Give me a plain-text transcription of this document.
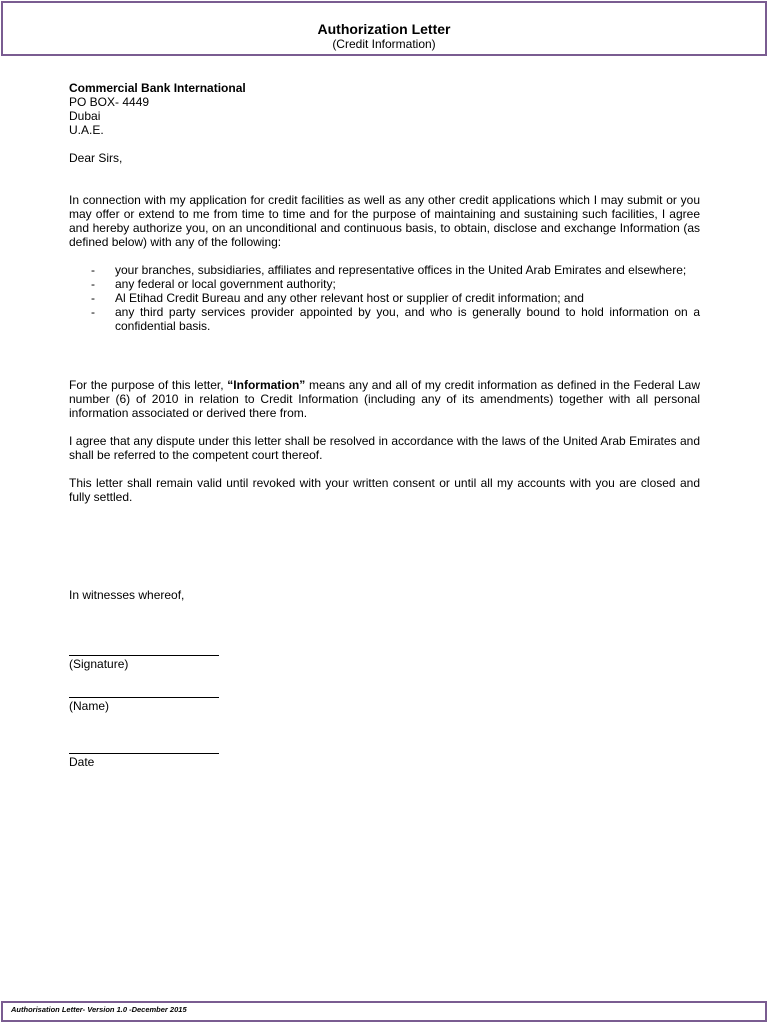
Authorization Letter
(Credit Information)
Commercial Bank International
PO BOX- 4449
Dubai
U.A.E.
Dear Sirs,
In connection with my application for credit facilities as well as any other credit applications which I may submit or you may offer or extend to me from time to time and for the purpose of maintaining and sustaining such facilities, I agree and hereby authorize you, on an unconditional and continuous basis, to obtain, disclose and exchange Information (as defined below) with any of the following:
- your branches, subsidiaries, affiliates and representative offices in the United Arab Emirates and elsewhere;
- any federal or local government authority;
- Al Etihad Credit Bureau and any other relevant host or supplier of credit information; and
- any third party services provider appointed by you, and who is generally bound to hold information on a confidential basis.
For the purpose of this letter, “Information” means any and all of my credit information as defined in the Federal Law number (6) of 2010 in relation to Credit Information (including any of its amendments) together with all personal information associated or derived there from.
I agree that any dispute under this letter shall be resolved in accordance with the laws of the United Arab Emirates and shall be referred to the competent court thereof.
This letter shall remain valid until revoked with your written consent or until all my accounts with you are closed and fully settled.
In witnesses whereof,
(Signature)
(Name)
Date
Authorisation Letter- Version 1.0 -December 2015
